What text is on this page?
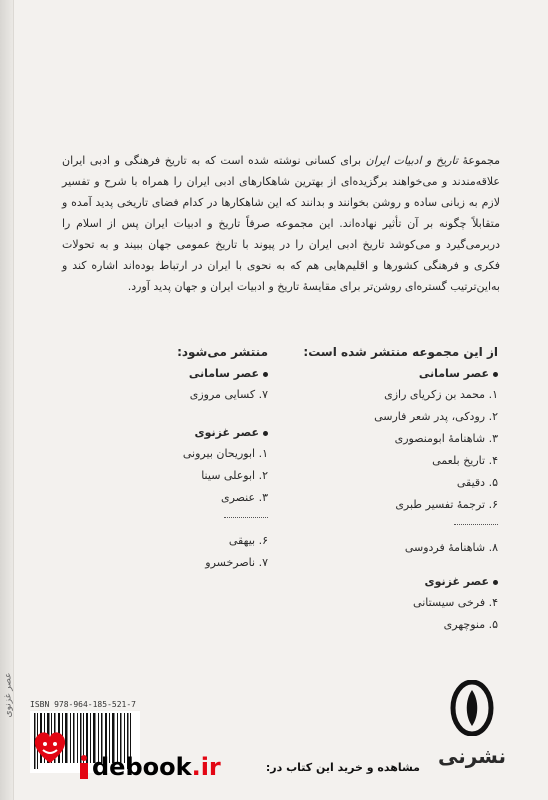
عصر غزنوی

مجموعهٔ تاریخ و ادبیات ایران برای کسانی نوشته شده است که به تاریخ فرهنگی و ادبی ایران علاقه‌مندند و می‌خواهند برگزیده‌ای از بهترین شاهکارهای ادبی ایران را همراه با شرح و تفسیر لازم به زبانی ساده و روشن بخوانند و بدانند که این شاهکارها در کدام فضای تاریخی پدید آمده و متقابلاً چگونه بر آن تأثیر نهاده‌اند. این مجموعه صرفاً تاریخ و ادبیات ایران پس از اسلام را دربرمی‌گیرد و می‌کوشد تاریخ ادبی ایران را در پیوند با تاریخ عمومی جهان ببیند و به تحولات فکری و فرهنگی کشورها و اقلیم‌هایی هم که به نحوی با ایران در ارتباط بوده‌اند اشاره کند و به‌این‌ترتیب گستره‌ای روشن‌تر برای مقایسهٔ تاریخ و ادبیات ایران و جهان پدید آورد.

از این مجموعه منتشر شده است:
عصر سامانی

۱. محمد بن زکریای رازی

۲. رودکی، پدر شعر فارسی

۳. شاهنامهٔ ابومنصوری

۴. تاریخ بلعمی

۵. دقیقی

۶. ترجمهٔ تفسیر طبری

۸. شاهنامهٔ فردوسی

عصر غزنوی

۴. فرخی سیستانی

۵. منوچهری

منتشر می‌شود:
عصر سامانی

۷. کسایی مروزی

عصر غزنوی

۱. ابوریحان بیرونی

۲. ابوعلی سینا

۳. عنصری

۶. بیهقی

۷. ناصرخسرو

ISBN 978-964-185-521-7
نشرنی
debook .ir	مشاهده و خرید این کتاب در:
